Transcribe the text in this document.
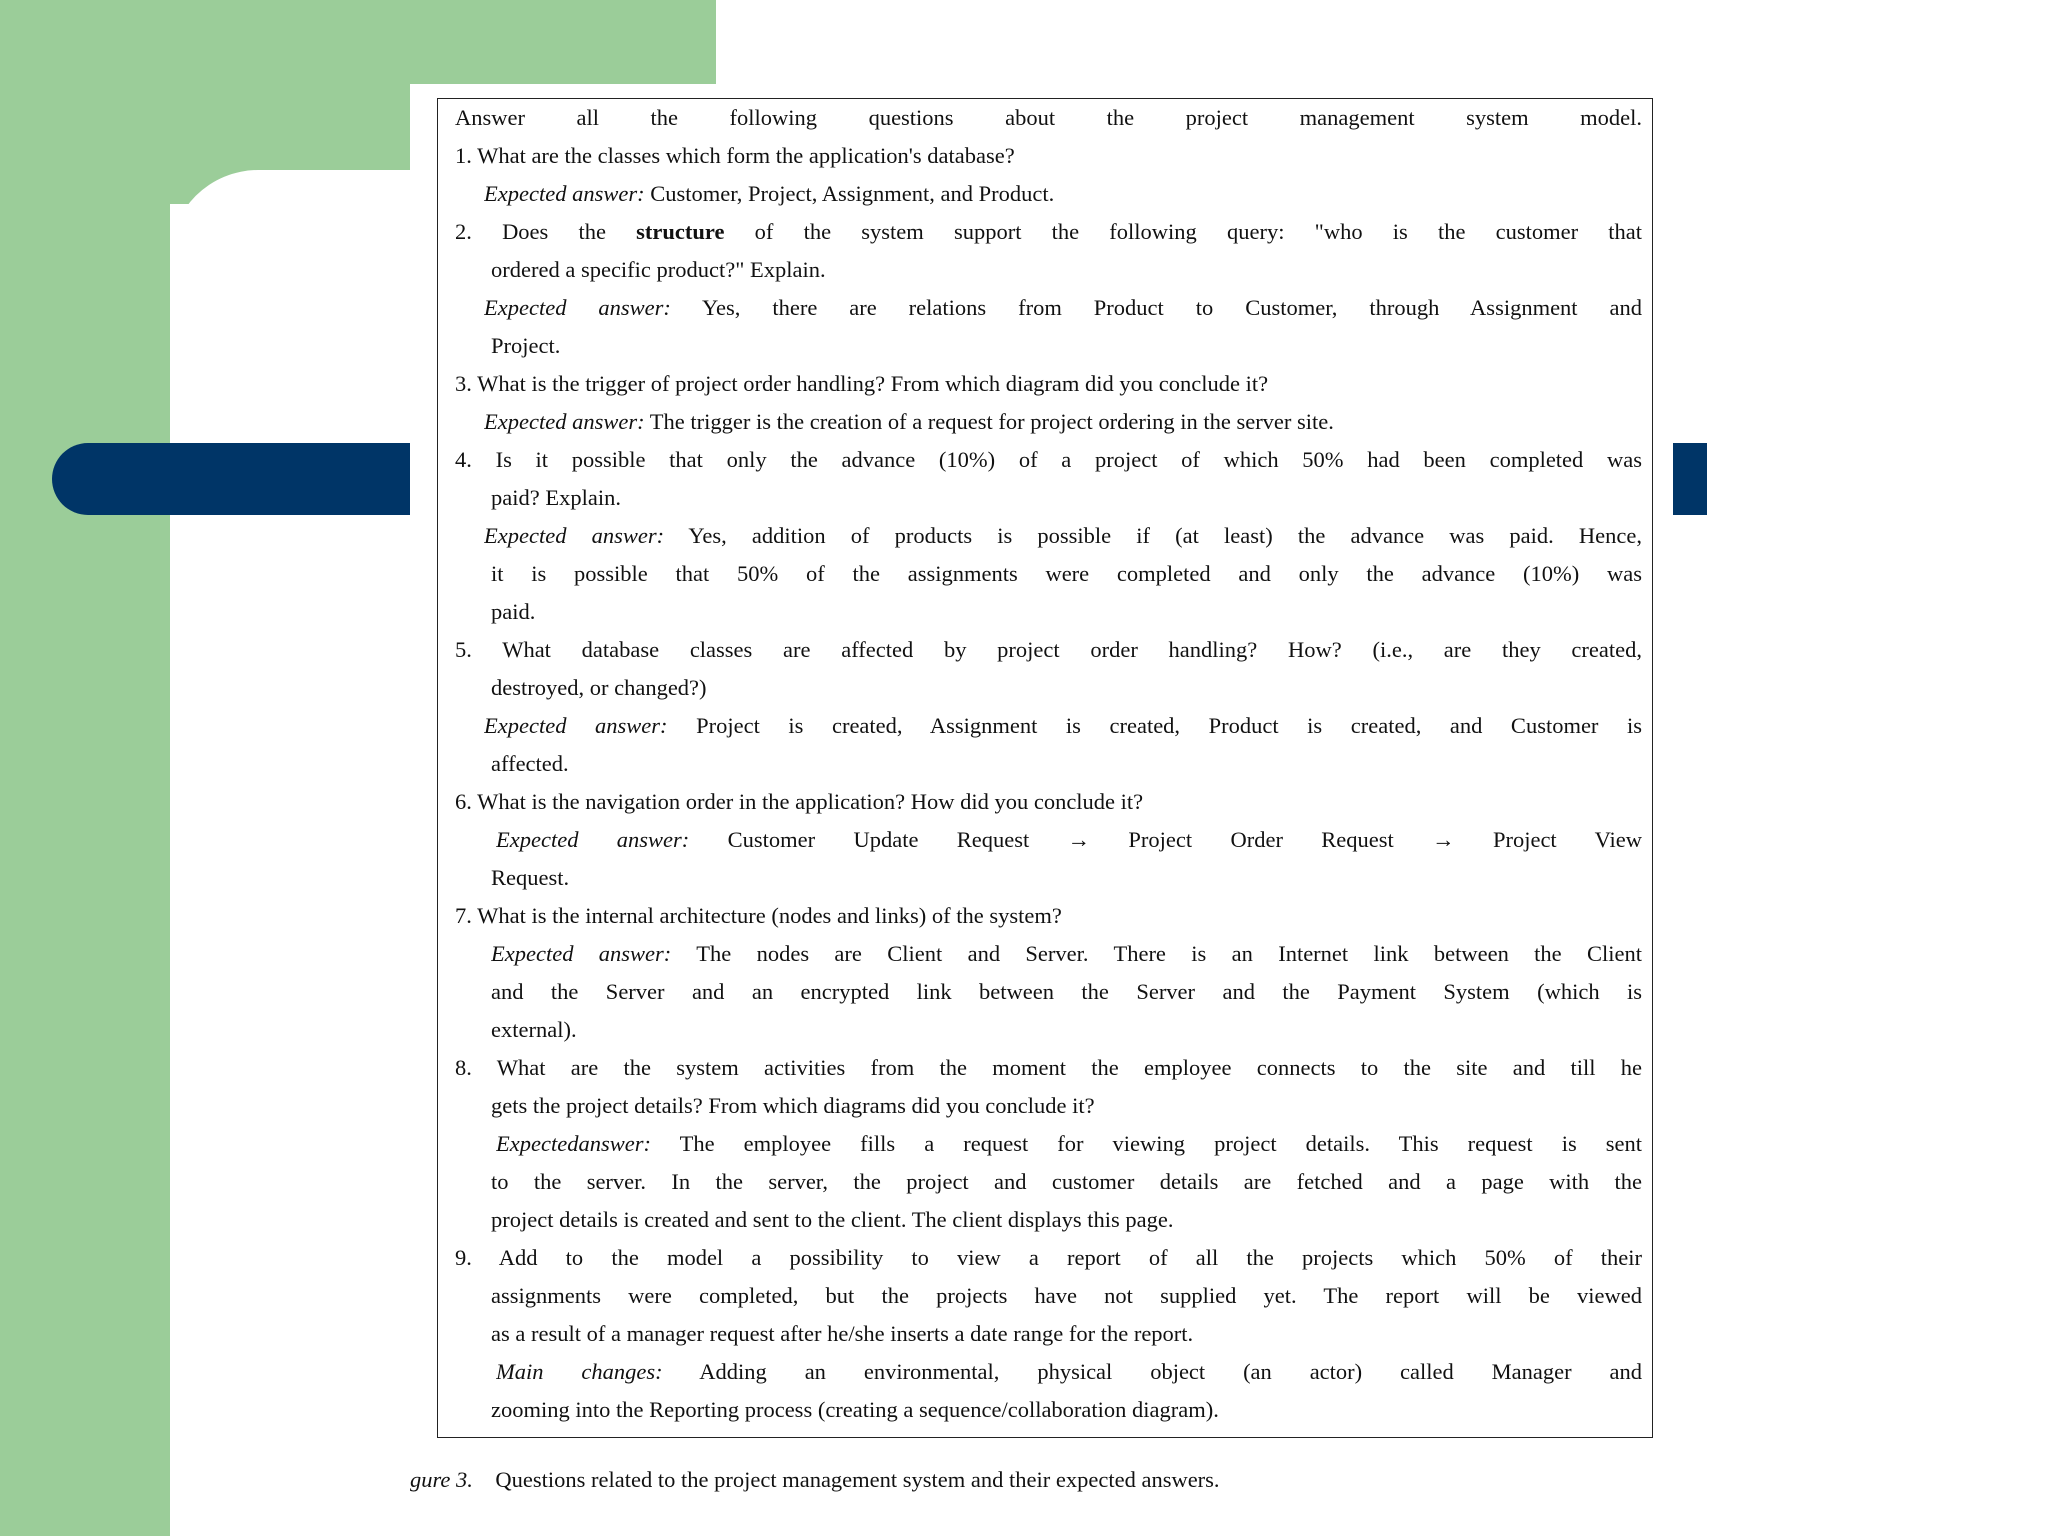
Answer all the following questions about the project management system model.
1. What are the classes which form the application's database?
Expected answer: Customer, Project, Assignment, and Product.
2. Does the structure of the system support the following query: "who is the customer that
ordered a specific product?" Explain.
Expected answer: Yes, there are relations from Product to Customer, through Assignment and
Project.
3. What is the trigger of project order handling? From which diagram did you conclude it?
Expected answer: The trigger is the creation of a request for project ordering in the server site.
4. Is it possible that only the advance (10%) of a project of which 50% had been completed was
paid? Explain.
Expected answer: Yes, addition of products is possible if (at least) the advance was paid. Hence,
it is possible that 50% of the assignments were completed and only the advance (10%) was
paid.
5. What database classes are affected by project order handling? How? (i.e., are they created,
destroyed, or changed?)
Expected answer: Project is created, Assignment is created, Product is created, and Customer is
affected.
6. What is the navigation order in the application? How did you conclude it?
Expected answer: Customer Update Request → Project Order Request → Project View
Request.
7. What is the internal architecture (nodes and links) of the system?
Expected answer: The nodes are Client and Server. There is an Internet link between the Client
and the Server and an encrypted link between the Server and the Payment System (which is
external).
8. What are the system activities from the moment the employee connects to the site and till he
gets the project details? From which diagrams did you conclude it?
Expectedanswer: The employee fills a request for viewing project details. This request is sent
to the server. In the server, the project and customer details are fetched and a page with the
project details is created and sent to the client. The client displays this page.
9. Add to the model a possibility to view a report of all the projects which 50% of their
assignments were completed, but the projects have not supplied yet. The report will be viewed
as a result of a manager request after he/she inserts a date range for the report.
Main changes: Adding an environmental, physical object (an actor) called Manager and
zooming into the Reporting process (creating a sequence/collaboration diagram).
gure 3. Questions related to the project management system and their expected answers.
